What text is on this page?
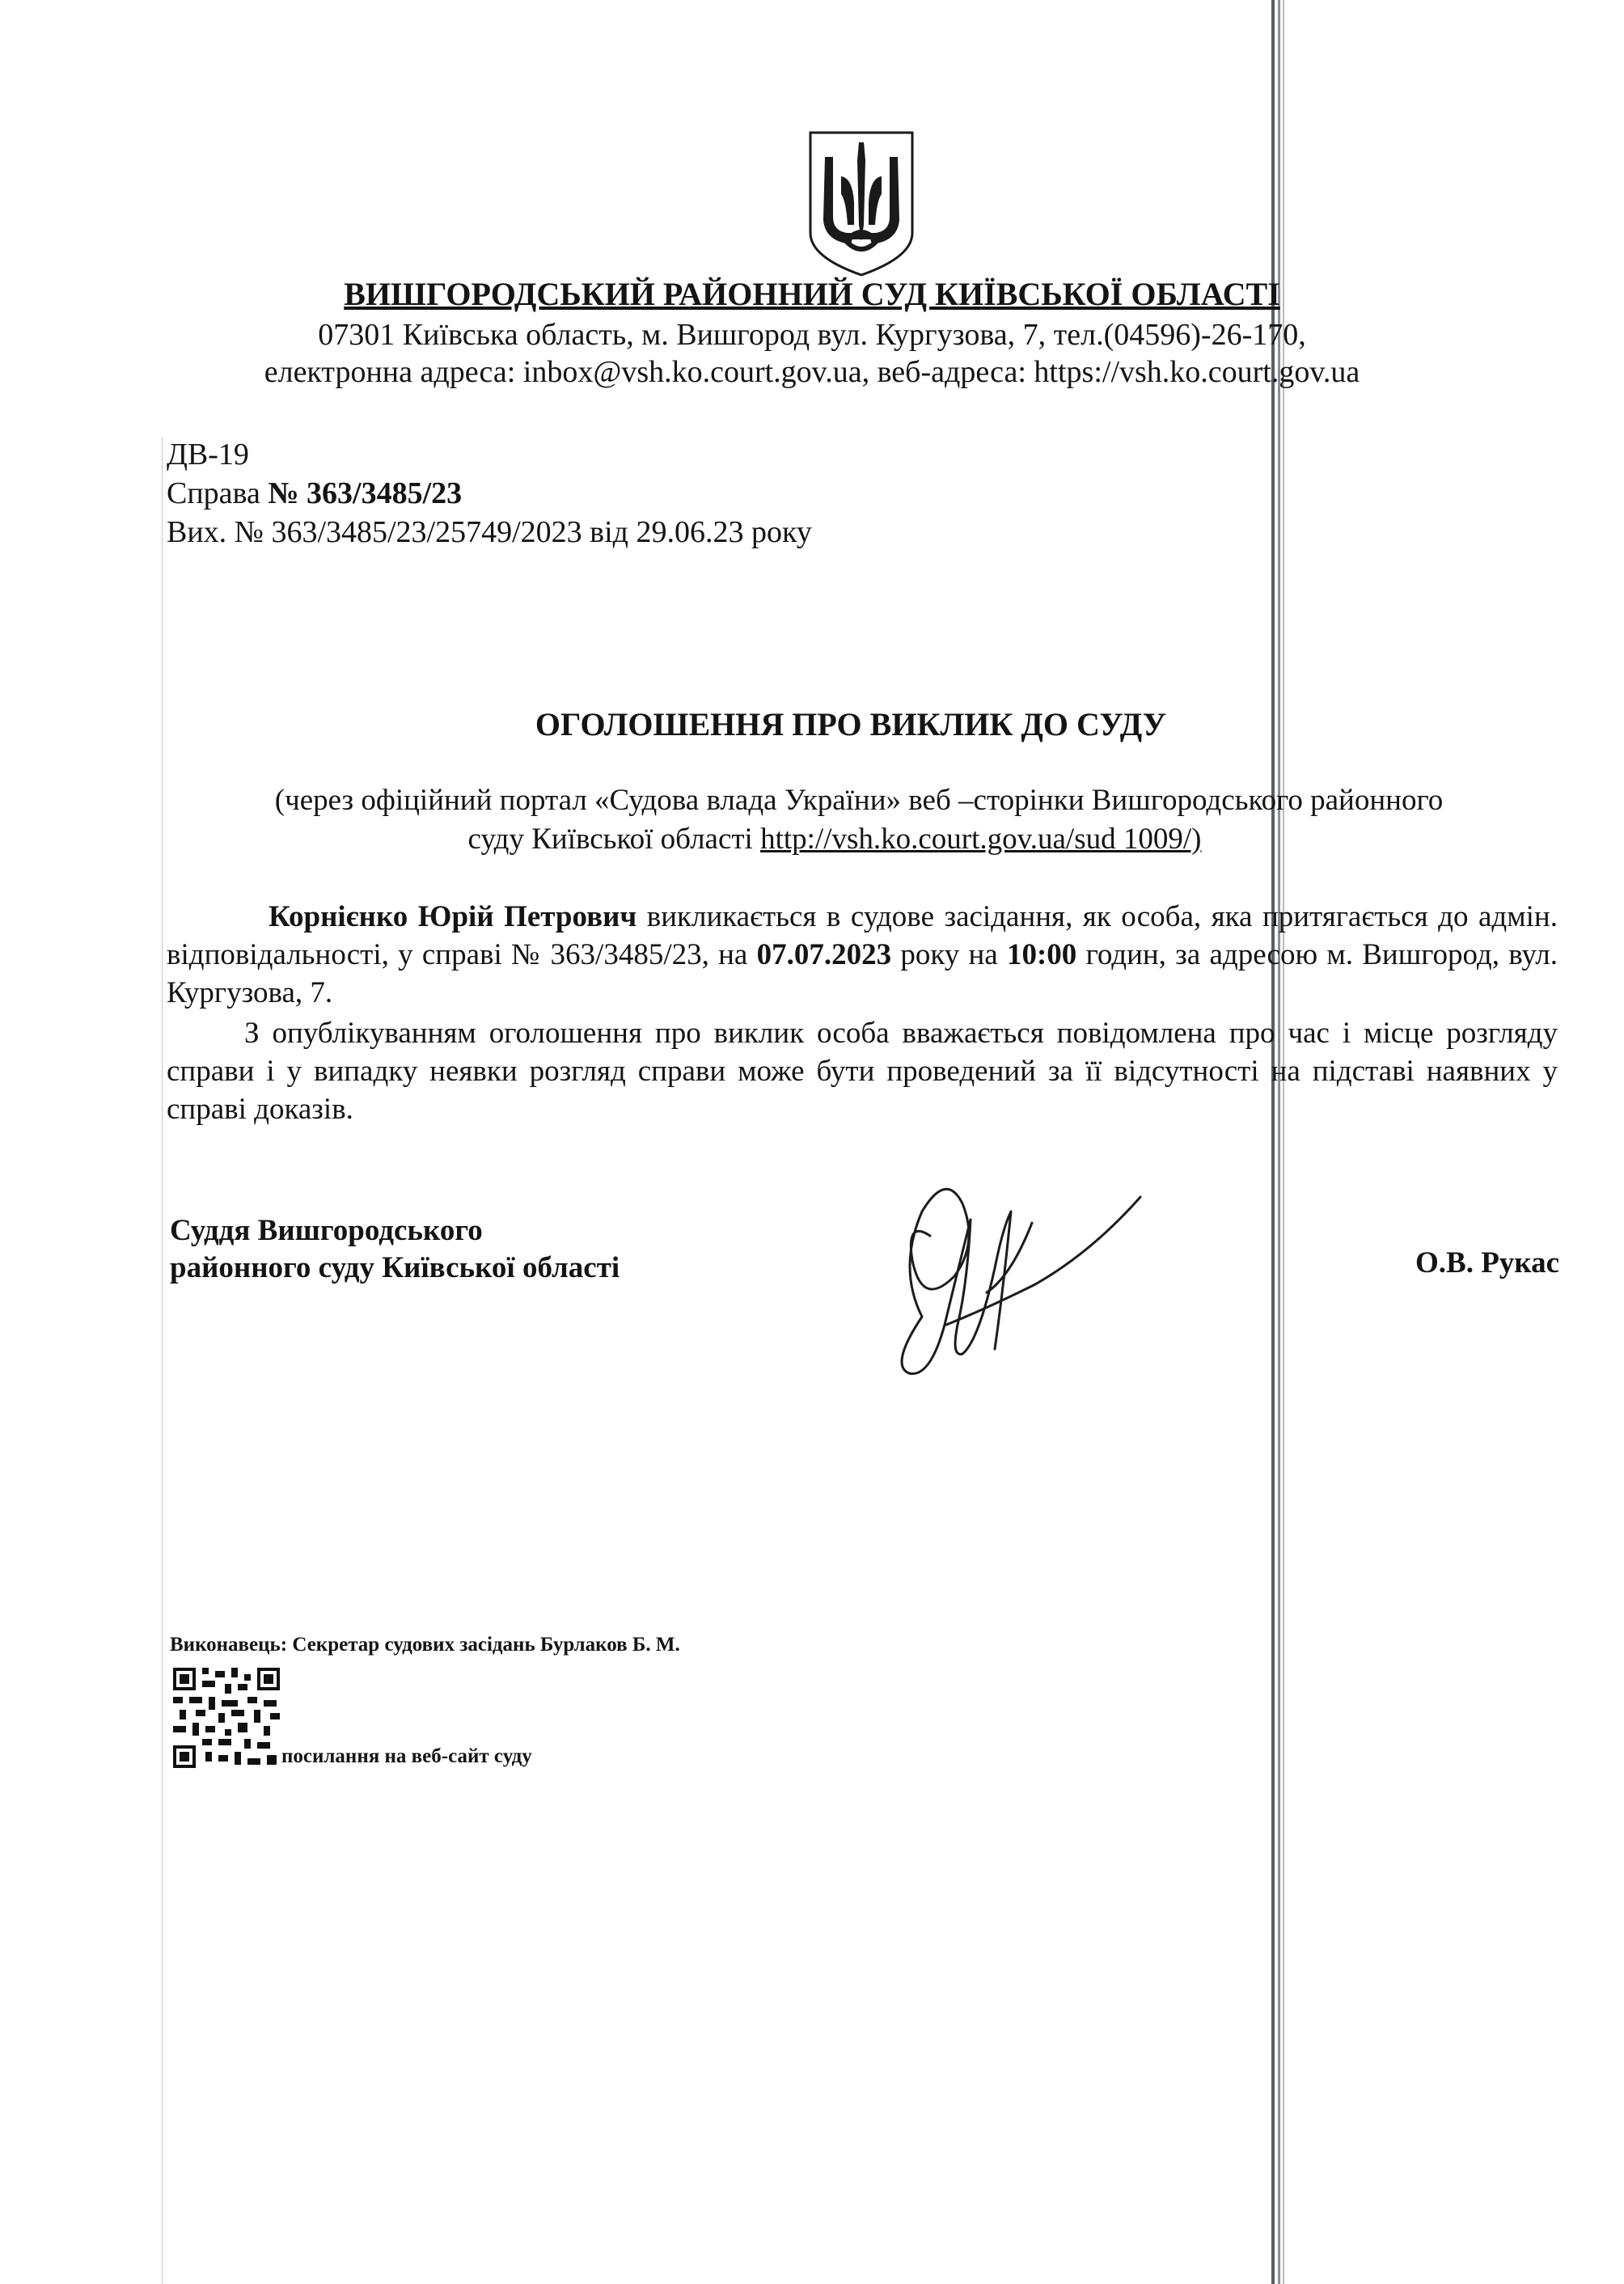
ВИШГОРОДСЬКИЙ РАЙОННИЙ СУД КИЇВСЬКОЇ ОБЛАСТІ
07301 Київська область, м. Вишгород вул. Кургузова, 7, тел.(04596)-26-170,
електронна адреса: inbox@vsh.ko.court.gov.ua, веб-адреса: https://vsh.ko.court.gov.ua
ДВ-19
Справа № 363/3485/23
Вих. № 363/3485/23/25749/2023 від 29.06.23 року
ОГОЛОШЕННЯ ПРО ВИКЛИК ДО СУДУ
(через офіційний портал «Судова влада України» веб –сторінки Вишгородського районного
суду Київської області http://vsh.ko.court.gov.ua/sud 1009/)
Корнієнко Юрій Петрович викликається в судове засідання, як особа, яка притягається до адмін. відповідальності, у справі № 363/3485/23, на 07.07.2023 року на 10:00 годин, за адресою м. Вишгород, вул. Кургузова, 7.
З опублікуванням оголошення про виклик особа вважається повідомлена про час і місце розгляду справи і у випадку неявки розгляд справи може бути проведений за її відсутності на підставі наявних у справі доказів.
Суддя Вишгородського
районного суду Київської області	О.В. Рукас
Виконавець: Секретар судових засідань Бурлаков Б. М.
посилання на веб-сайт суду
